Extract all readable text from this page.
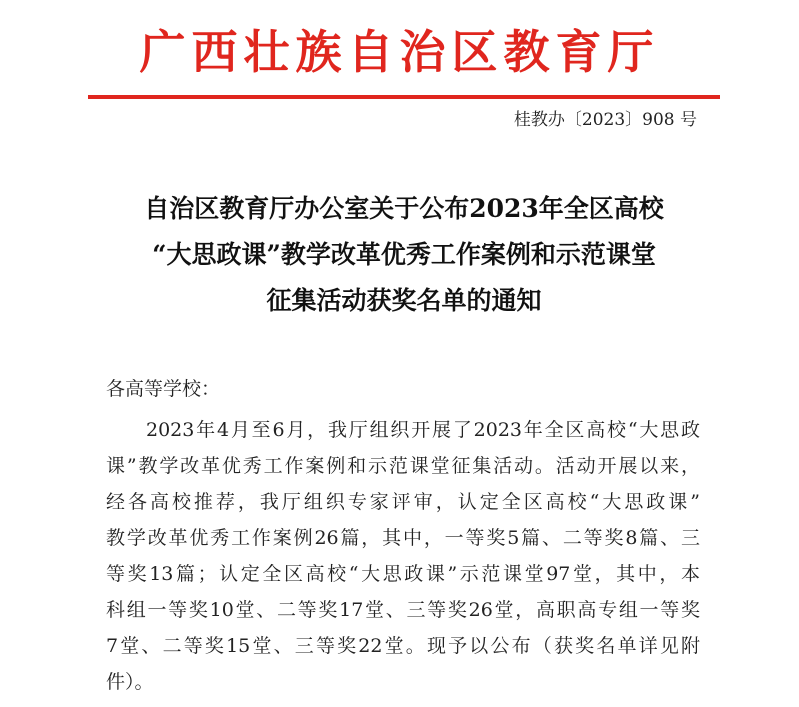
广西壮族自治区教育厅
桂教办〔2023〕908 号
自治区教育厅办公室关于公布2023年全区高校
“大思政课”教学改革优秀工作案例和示范课堂
征集活动获奖名单的通知
各高等学校：
2023年4月至6月，我厅组织开展了2023年全区高校“大思政
课”教学改革优秀工作案例和示范课堂征集活动。活动开展以来，
经各高校推荐，我厅组织专家评审，认定全区高校“大思政课”
教学改革优秀工作案例26篇，其中，一等奖5篇、二等奖8篇、三
等奖13篇；认定全区高校“大思政课”示范课堂97堂，其中，本
科组一等奖10堂、二等奖17堂、三等奖26堂，高职高专组一等奖
7堂、二等奖15堂、三等奖22堂。现予以公布（获奖名单详见附
件）。
